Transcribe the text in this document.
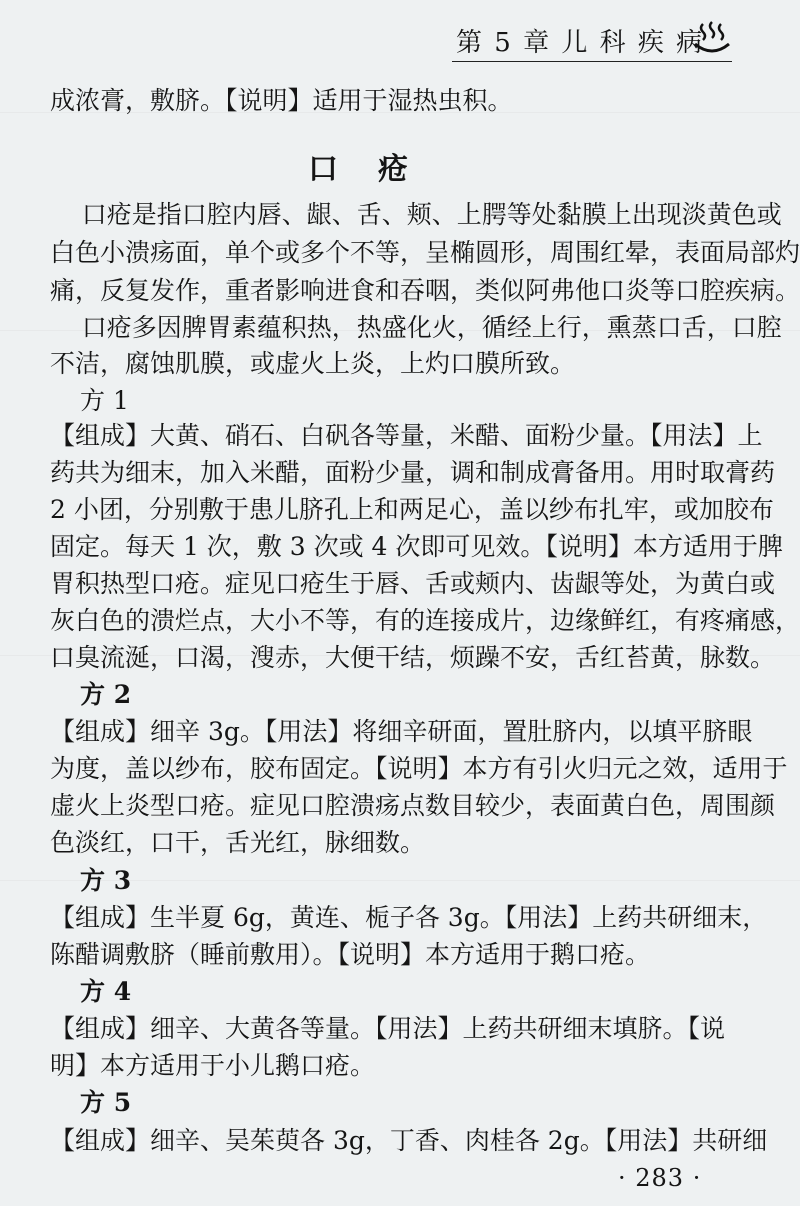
第 5 章 儿 科 疾 病
成浓膏，敷脐。【说明】适用于湿热虫积。
口疮
口疮是指口腔内唇、龈、舌、颊、上腭等处黏膜上出现淡黄色或
白色小溃疡面，单个或多个不等，呈椭圆形，周围红晕，表面局部灼
痛，反复发作，重者影响进食和吞咽，类似阿弗他口炎等口腔疾病。
口疮多因脾胃素蕴积热，热盛化火，循经上行，熏蒸口舌，口腔
不洁，腐蚀肌膜，或虚火上炎，上灼口膜所致。
方 1
【组成】大黄、硝石、白矾各等量，米醋、面粉少量。【用法】上
药共为细末，加入米醋，面粉少量，调和制成膏备用。用时取膏药
2 小团，分别敷于患儿脐孔上和两足心，盖以纱布扎牢，或加胶布
固定。每天 1 次，敷 3 次或 4 次即可见效。【说明】本方适用于脾
胃积热型口疮。症见口疮生于唇、舌或颊内、齿龈等处，为黄白或
灰白色的溃烂点，大小不等，有的连接成片，边缘鲜红，有疼痛感，
口臭流涎，口渴，溲赤，大便干结，烦躁不安，舌红苔黄，脉数。
方 2
【组成】细辛 3g。【用法】将细辛研面，置肚脐内，以填平脐眼
为度，盖以纱布，胶布固定。【说明】本方有引火归元之效，适用于
虚火上炎型口疮。症见口腔溃疡点数目较少，表面黄白色，周围颜
色淡红，口干，舌光红，脉细数。
方 3
【组成】生半夏 6g，黄连、栀子各 3g。【用法】上药共研细末，
陈醋调敷脐（睡前敷用）。【说明】本方适用于鹅口疮。
方 4
【组成】细辛、大黄各等量。【用法】上药共研细末填脐。【说
明】本方适用于小儿鹅口疮。
方 5
【组成】细辛、吴茱萸各 3g，丁香、肉桂各 2g。【用法】共研细
· 283 ·
